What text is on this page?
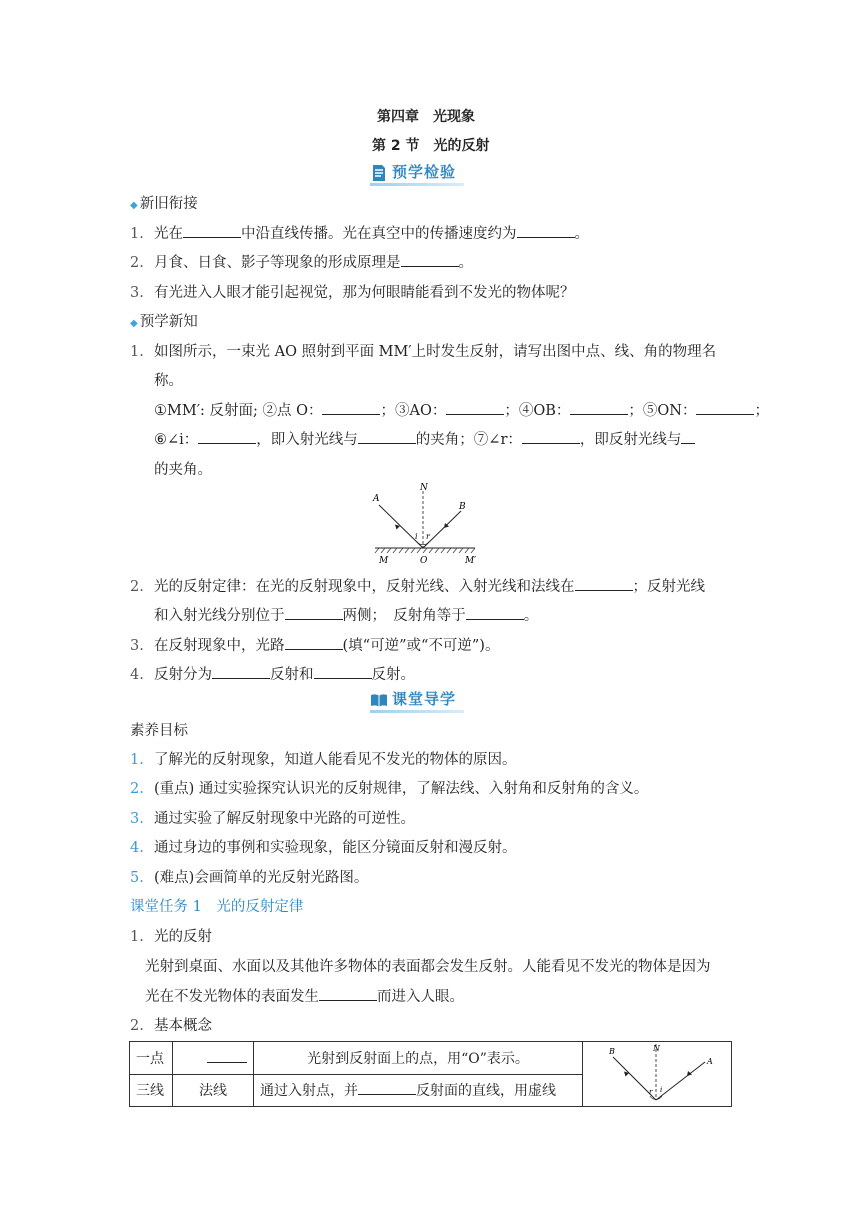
第四章　光现象
第 2 节　光的反射
预学检验
◆ 新旧衔接
1. 光在	中沿直线传播。光在真空中的传播速度约为	。
2. 月食、日食、影子等现象的形成原理是	。
3. 有光进入人眼才能引起视觉，那为何眼睛能看到不发光的物体呢？
◆ 预学新知
1. 如图所示，一束光 AO 照射到平面 MM′上时发生反射，请写出图中点、线、角的物理名
称。
①MM′: 反射面; ②点 O：	；③AO：	；④OB：	；⑤ON：	；
⑥∠i：	，即入射光线与	的夹角；⑦∠r：	，即反射光线与
的夹角。
A
N
B
i r
M	O	M′
2. 光的反射定律：在光的反射现象中，反射光线、入射光线和法线在	；反射光线
和入射光线分别位于	两侧；　反射角等于	。
3. 在反射现象中，光路	(填“可逆”或“不可逆”)。
4. 反射分为	反射和	反射。
课堂导学
素养目标
1. 了解光的反射现象，知道人能看见不发光的物体的原因。
2. (重点) 通过实验探究认识光的反射规律，了解法线、入射角和反射角的含义。
3. 通过实验了解反射现象中光路的可逆性。
4. 通过身边的事例和实验现象，能区分镜面反射和漫反射。
5. (难点)会画简单的光反射光路图。
课堂任务 1　光的反射定律
1. 光的反射
光射到桌面、水面以及其他许多物体的表面都会发生反射。人能看见不发光的物体是因为
光在不发光物体的表面发生	而进入人眼。
2. 基本概念
一点		光射到反射面上的点，用“O”表示。	B N
A
r i

三线	法线	通过入射点，并 反射面的直线，用虚线	
